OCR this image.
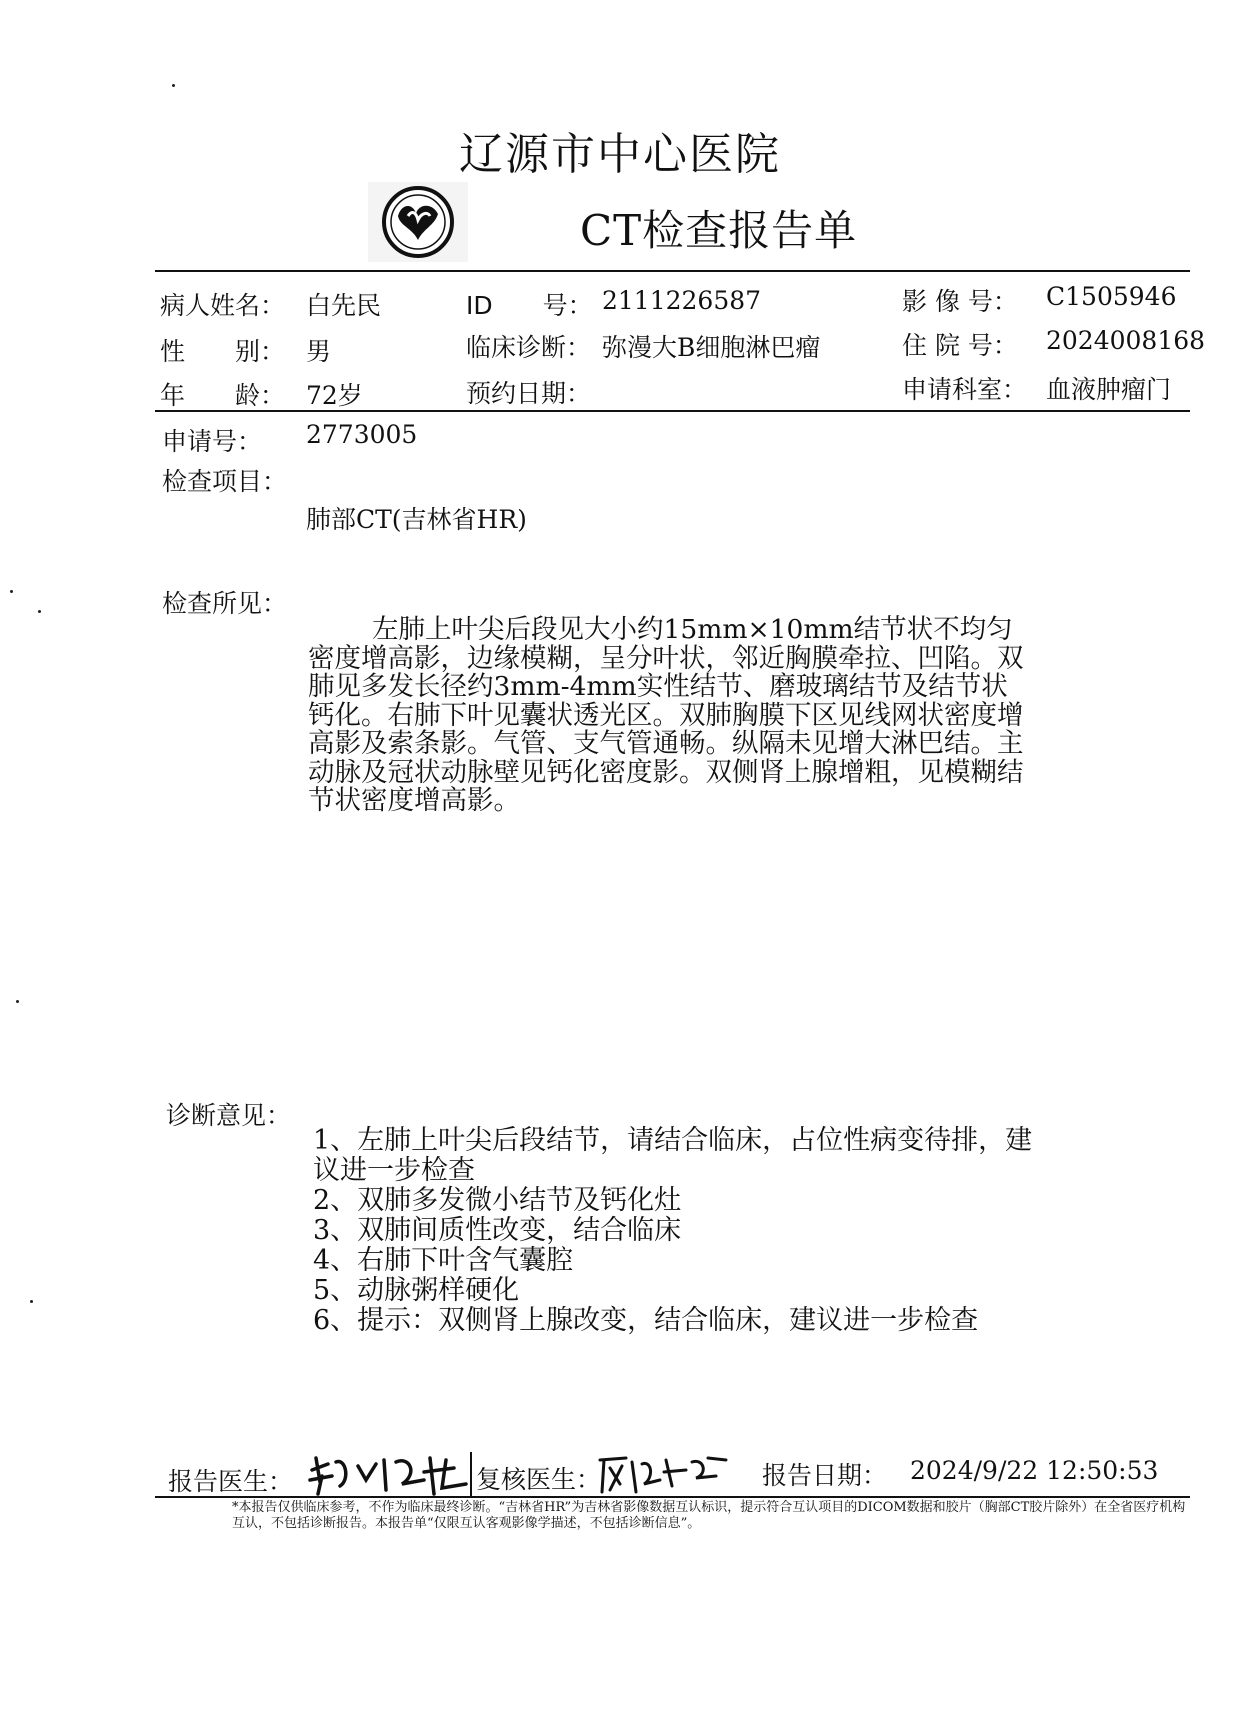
辽源市中心医院
CT检查报告单
病人姓名： 白先民	ID　　号： 2111226587	影 像 号： C1505946
性　　别： 男	临床诊断： 弥漫大B细胞淋巴瘤	住 院 号： 2024008168
年　　龄： 72岁	预约日期：	申请科室： 血液肿瘤门
申请号： 2773005
检查项目：
肺部CT(吉林省HR)
检查所见：
左肺上叶尖后段见大小约15mm×10mm结节状不均匀密度增高影，边缘模糊，呈分叶状，邻近胸膜牵拉、凹陷。双肺见多发长径约3mm-4mm实性结节、磨玻璃结节及结节状钙化。右肺下叶见囊状透光区。双肺胸膜下区见线网状密度增高影及索条影。气管、支气管通畅。纵隔未见增大淋巴结。主动脉及冠状动脉壁见钙化密度影。双侧肾上腺增粗，见模糊结节状密度增高影。
诊断意见：
1、左肺上叶尖后段结节，请结合临床，占位性病变待排，建议进一步检查
2、双肺多发微小结节及钙化灶
3、双肺间质性改变，结合临床
4、右肺下叶含气囊腔
5、动脉粥样硬化
6、提示：双侧肾上腺改变，结合临床，建议进一步检查
报告医生：	复核医生：	报告日期： 2024/9/22 12:50:53
*本报告仅供临床参考，不作为临床最终诊断。“吉林省HR”为吉林省影像数据互认标识，提示符合互认项目的DICOM数据和胶片（胸部CT胶片除外）在全省医疗机构互认，不包括诊断报告。本报告单“仅限互认客观影像学描述，不包括诊断信息”。
